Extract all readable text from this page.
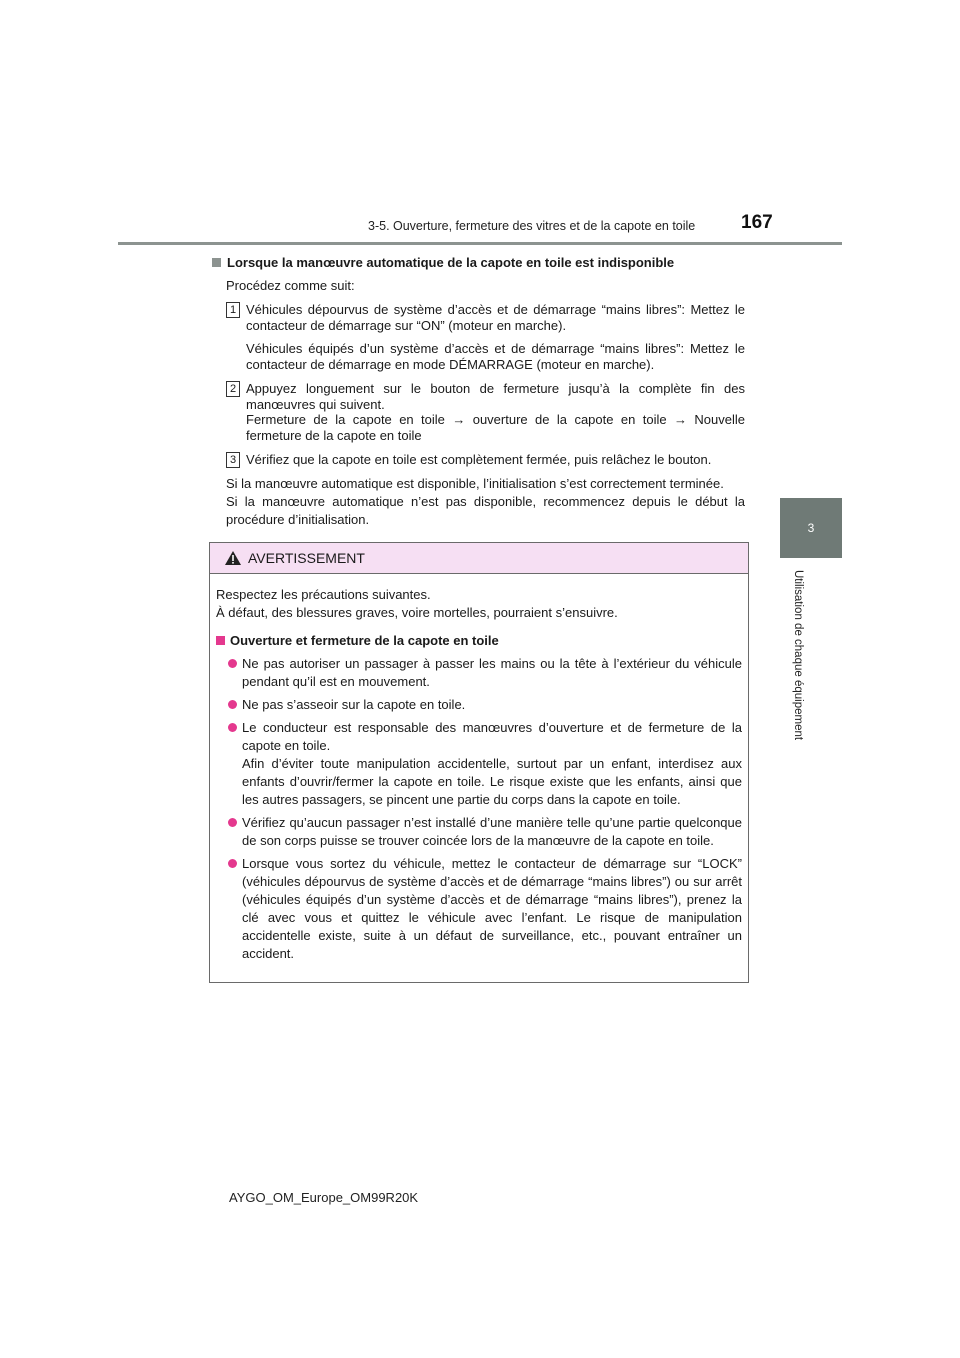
3-5. Ouverture, fermeture des vitres et de la capote en toile 167
3
Utilisation de chaque équipement
Lorsque la manœuvre automatique de la capote en toile est indisponible
Procédez comme suit:
1 Véhicules dépourvus de système d’accès et de démarrage “mains libres”: Mettez le contacteur de démarrage sur “ON” (moteur en marche).
Véhicules équipés d’un système d’accès et de démarrage “mains libres”: Mettez le contacteur de démarrage en mode DÉMARRAGE (moteur en marche).
2 Appuyez longuement sur le bouton de fermeture jusqu’à la complète fin des manœuvres qui suivent.
Fermeture de la capote en toile → ouverture de la capote en toile → Nouvelle fermeture de la capote en toile
3 Vérifiez que la capote en toile est complètement fermée, puis relâchez le bouton.
Si la manœuvre automatique est disponible, l’initialisation s’est correctement terminée.
Si la manœuvre automatique n’est pas disponible, recommencez depuis le début la procédure d’initialisation.
AVERTISSEMENT

Respectez les précautions suivantes.

À défaut, des blessures graves, voire mortelles, pourraient s’ensuivre.

Ouverture et fermeture de la capote en toile
Ne pas autoriser un passager à passer les mains ou la tête à l’extérieur du véhicule pendant qu’il est en mouvement.
Ne pas s’asseoir sur la capote en toile.
Le conducteur est responsable des manœuvres d’ouverture et de fermeture de la capote en toile.
Afin d’éviter toute manipulation accidentelle, surtout par un enfant, interdisez aux enfants d’ouvrir/fermer la capote en toile. Le risque existe que les enfants, ainsi que les autres passagers, se pincent une partie du corps dans la capote en toile.
Vérifiez qu’aucun passager n’est installé d’une manière telle qu’une partie quelconque de son corps puisse se trouver coincée lors de la manœuvre de la capote en toile.
Lorsque vous sortez du véhicule, mettez le contacteur de démarrage sur “LOCK” (véhicules dépourvus de système d’accès et de démarrage “mains libres”) ou sur arrêt (véhicules équipés d’un système d’accès et de démarrage “mains libres”), prenez la clé avec vous et quittez le véhicule avec l’enfant. Le risque de manipulation accidentelle existe, suite à un défaut de surveillance, etc., pouvant entraîner un accident.
AYGO_OM_Europe_OM99R20K
